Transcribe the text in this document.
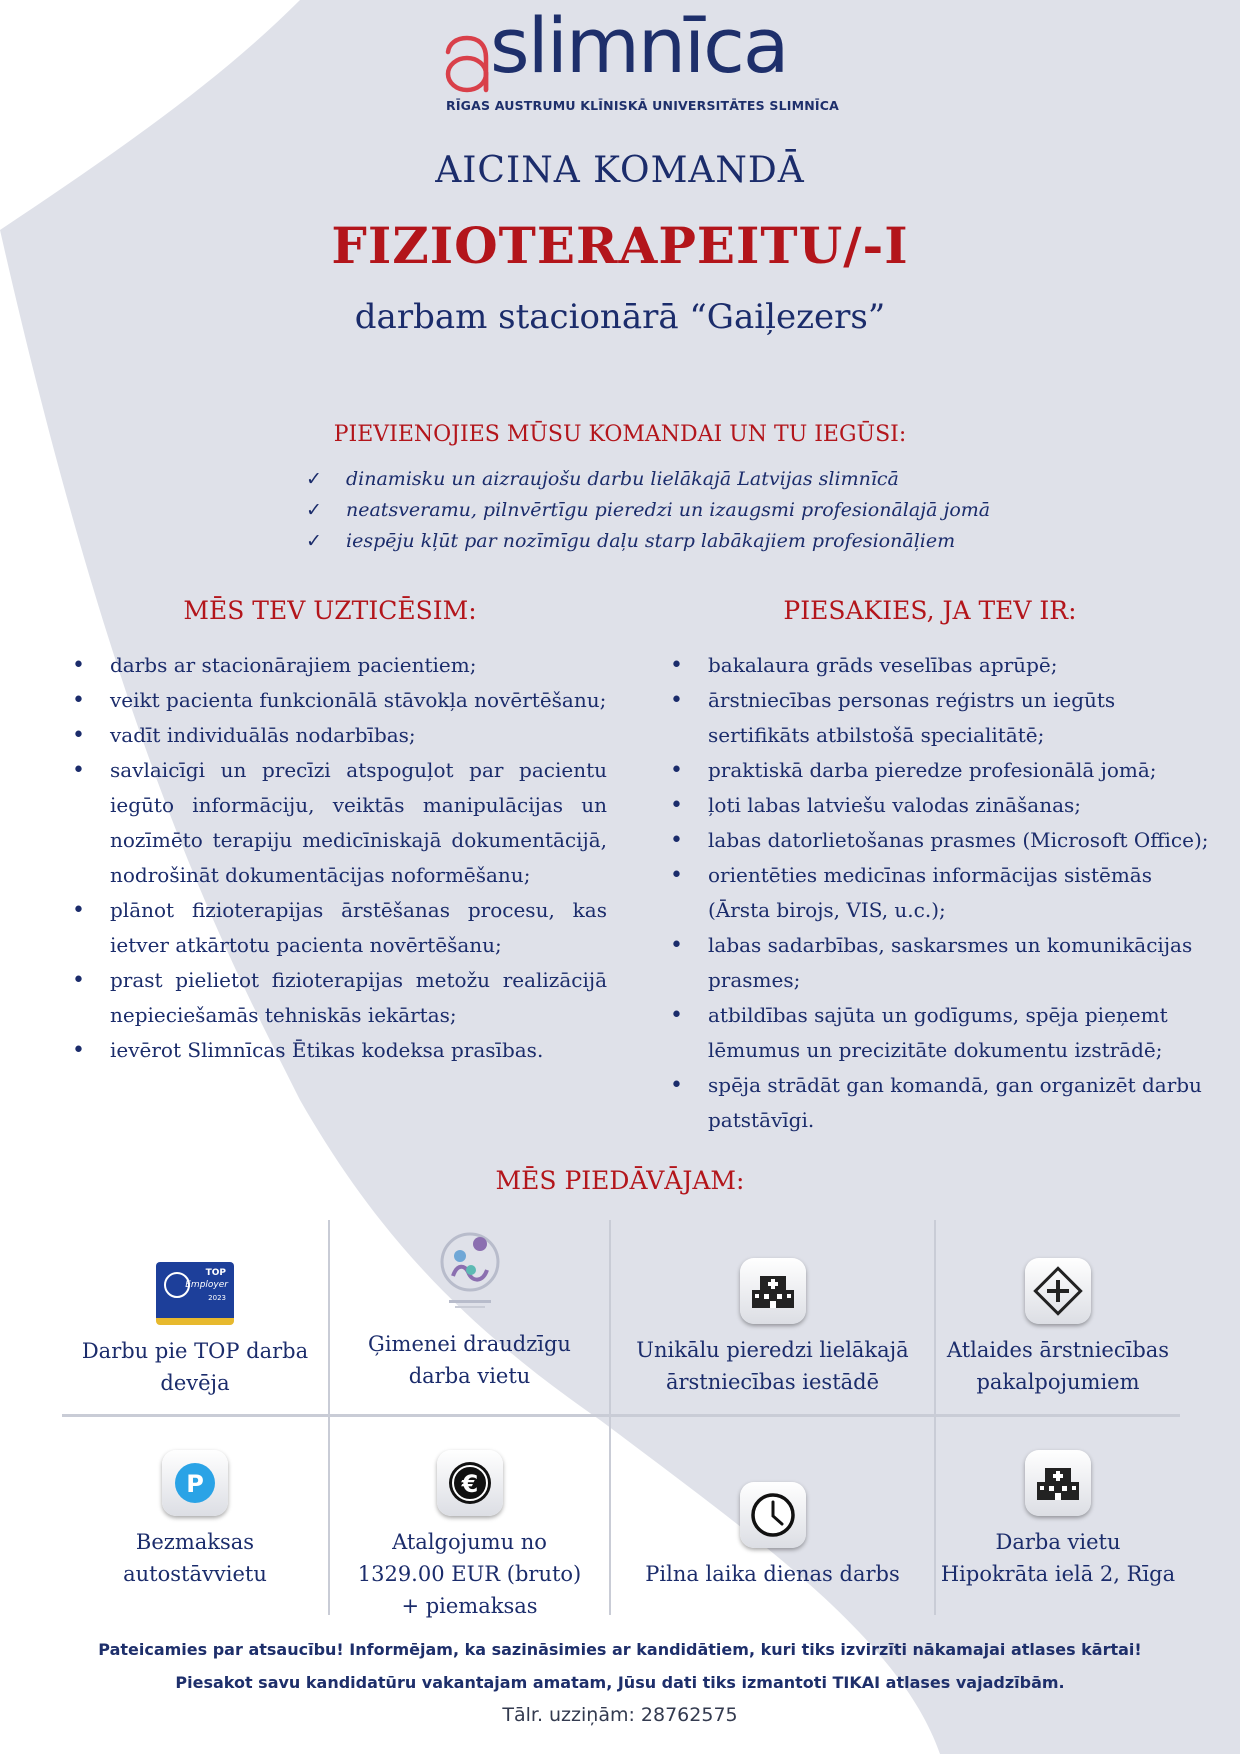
slimnīca
RĪGAS AUSTRUMU KLĪNISKĀ UNIVERSITĀTES SLIMNĪCA
AICINA KOMANDĀ
FIZIOTERAPEITU/-I
darbam stacionārā “Gaiļezers”
PIEVIENOJIES MŪSU KOMANDAI UN TU IEGŪSI:
✓ dinamisku un aizraujošu darbu lielākajā Latvijas slimnīcā
✓ neatsveramu, pilnvērtīgu pieredzi un izaugsmi profesionālajā jomā
✓ iespēju kļūt par nozīmīgu daļu starp labākajiem profesionāļiem
MĒS TEV UZTICĒSIM:	PIESAKIES, JA TEV IR:
• darbs ar stacionārajiem pacientiem;
• veikt pacienta funkcionālā stāvokļa novērtēšanu;
• vadīt individuālās nodarbības;
• savlaicīgi un precīzi atspoguļot par pacientu iegūto informāciju, veiktās manipulācijas un nozīmēto terapiju medicīniskajā dokumentācijā, nodrošināt dokumentācijas noformēšanu;
• plānot fizioterapijas ārstēšanas procesu, kas ietver atkārtotu pacienta novērtēšanu;
• prast pielietot fizioterapijas metožu realizācijā nepieciešamās tehniskās iekārtas;
• ievērot Slimnīcas Ētikas kodeksa prasības.
• bakalaura grāds veselības aprūpē;
• ārstniecības personas reģistrs un iegūts sertifikāts atbilstošā specialitātē;
• praktiskā darba pieredze profesionālā jomā;
• ļoti labas latviešu valodas zināšanas;
• labas datorlietošanas prasmes (Microsoft Office);
• orientēties medicīnas informācijas sistēmās (Ārsta birojs, VIS, u.c.);
• labas sadarbības, saskarsmes un komunikācijas prasmes;
• atbildības sajūta un godīgums, spēja pieņemt lēmumus un precizitāte dokumentu izstrādē;
• spēja strādāt gan komandā, gan organizēt darbu patstāvīgi.
MĒS PIEDĀVĀJAM:
TOP
Employer
2023
Darbu pie TOP darba
devēja
Ģimenei draudzīgu
darba vietu
Unikālu pieredzi lielākajā
ārstniecības iestādē
Atlaides ārstniecības
pakalpojumiem
P
Bezmaksas
autostāvvietu
€
Atalgojumu no
1329.00 EUR (bruto)
+ piemaksas
Pilna laika dienas darbs
Darba vietu
Hipokrāta ielā 2, Rīga
Pateicamies par atsaucību! Informējam, ka sazināsimies ar kandidātiem, kuri tiks izvirzīti nākamajai atlases kārtai!
Piesakot savu kandidatūru vakantajam amatam, Jūsu dati tiks izmantoti TIKAI atlases vajadzībām.
Tālr. uzziņām: 28762575
